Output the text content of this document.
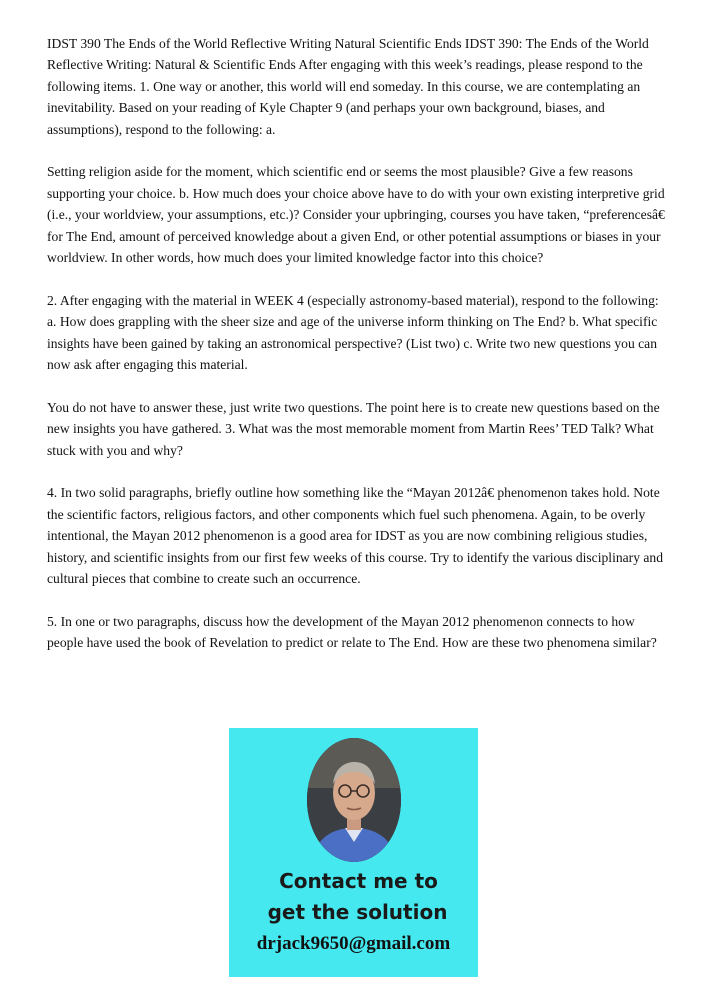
IDST 390 The Ends of the World Reflective Writing Natural Scientific Ends IDST 390: The Ends of the World Reflective Writing: Natural & Scientific Ends After engaging with this week’s readings, please respond to the following items. 1. One way or another, this world will end someday. In this course, we are contemplating an inevitability. Based on your reading of Kyle Chapter 9 (and perhaps your own background, biases, and assumptions), respond to the following: a.

Setting religion aside for the moment, which scientific end or seems the most plausible? Give a few reasons supporting your choice. b. How much does your choice above have to do with your own existing interpretive grid (i.e., your worldview, your assumptions, etc.)? Consider your upbringing, courses you have taken, “preferencesâ€ for The End, amount of perceived knowledge about a given End, or other potential assumptions or biases in your worldview. In other words, how much does your limited knowledge factor into this choice?

2. After engaging with the material in WEEK 4 (especially astronomy-based material), respond to the following: a. How does grappling with the sheer size and age of the universe inform thinking on The End? b. What specific insights have been gained by taking an astronomical perspective? (List two) c. Write two new questions you can now ask after engaging this material.

You do not have to answer these, just write two questions. The point here is to create new questions based on the new insights you have gathered. 3. What was the most memorable moment from Martin Rees’ TED Talk? What stuck with you and why?

4. In two solid paragraphs, briefly outline how something like the “Mayan 2012â€ phenomenon takes hold. Note the scientific factors, religious factors, and other components which fuel such phenomena. Again, to be overly intentional, the Mayan 2012 phenomenon is a good area for IDST as you are now combining religious studies, history, and scientific insights from our first few weeks of this course. Try to identify the various disciplinary and cultural pieces that combine to create such an occurrence.

5. In one or two paragraphs, discuss how the development of the Mayan 2012 phenomenon connects to how people have used the book of Revelation to predict or relate to The End. How are these two phenomena similar?

Contact me to
get the solution
drjack9650@gmail.com
